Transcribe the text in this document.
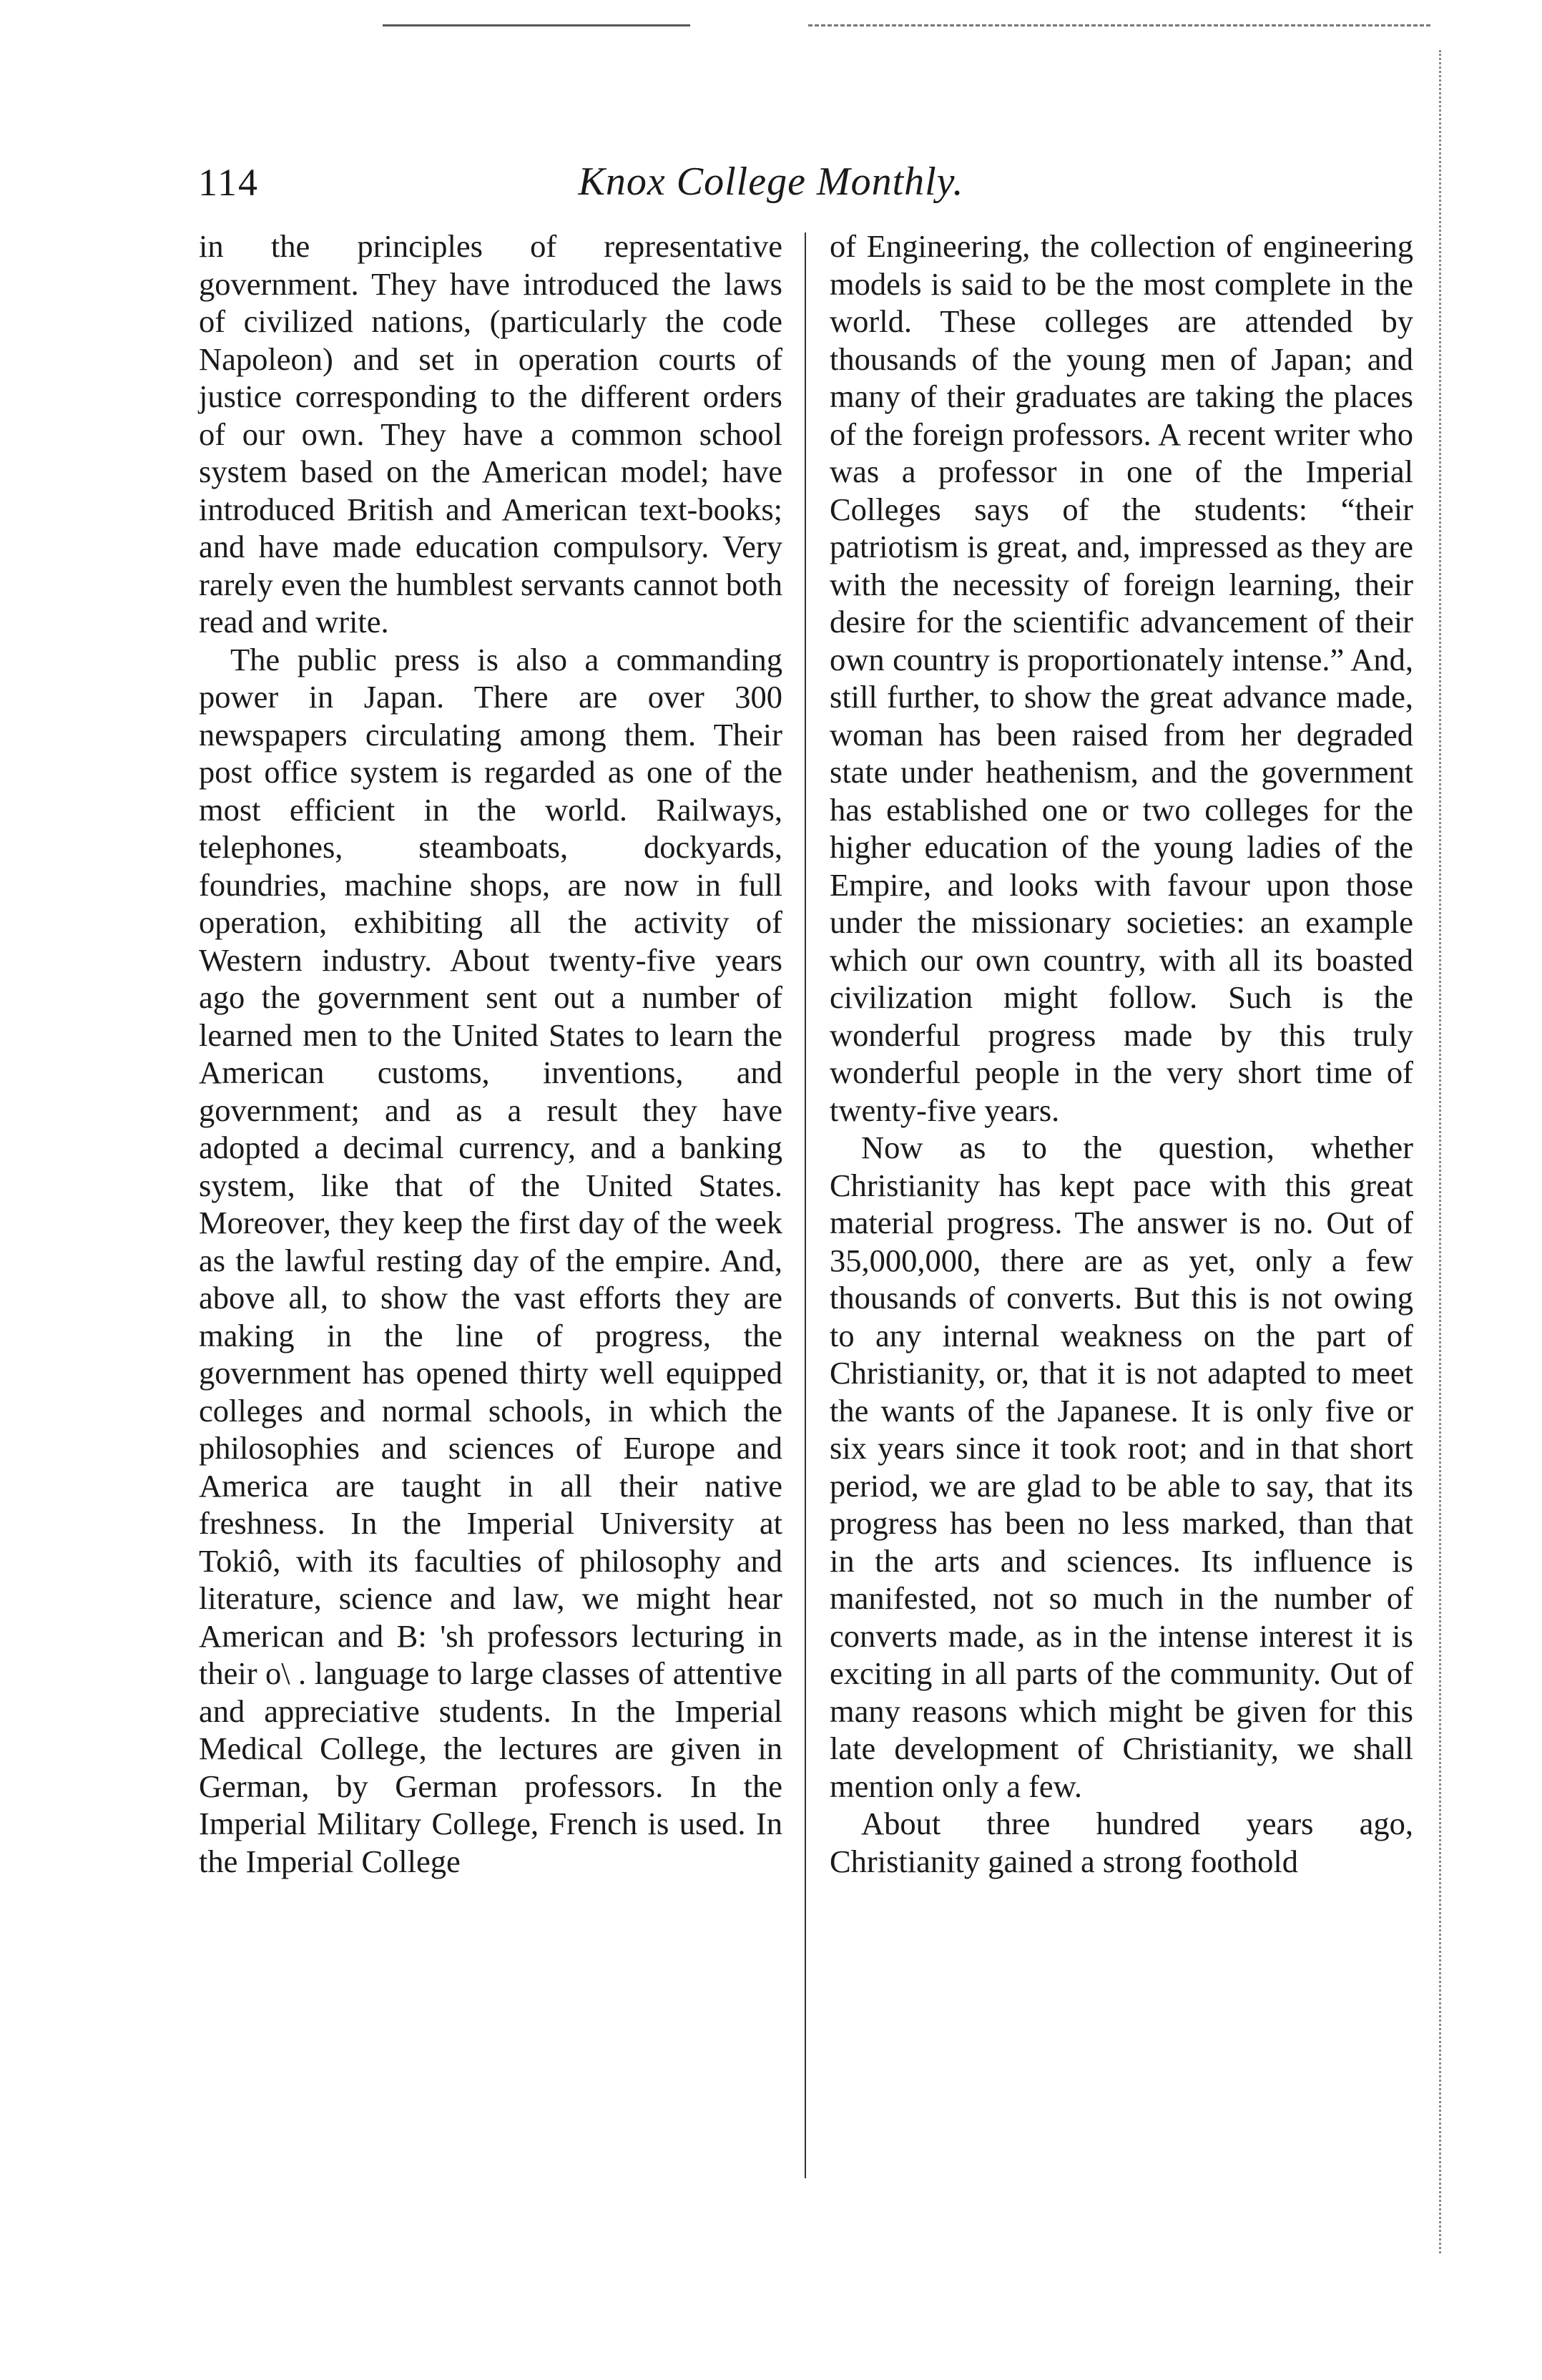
114	Knox College Monthly.

in the principles of representative government. They have introduced the laws of civilized nations, (particularly the code Napoleon) and set in operation courts of justice corresponding to the different orders of our own. They have a common school system based on the American model; have introduced British and American text-books; and have made education compulsory. Very rarely even the humblest servants cannot both read and write.

The public press is also a commanding power in Japan. There are over 300 newspapers circulating among them. Their post office system is regarded as one of the most efficient in the world. Railways, telephones, steamboats, dockyards, foundries, machine shops, are now in full operation, exhibiting all the activity of Western industry. About twenty-five years ago the government sent out a number of learned men to the United States to learn the American customs, inventions, and government; and as a result they have adopted a decimal currency, and a banking system, like that of the United States. Moreover, they keep the first day of the week as the lawful resting day of the empire. And, above all, to show the vast efforts they are making in the line of progress, the government has opened thirty well equipped colleges and normal schools, in which the philosophies and sciences of Europe and America are taught in all their native freshness. In the Imperial University at Tokiô, with its faculties of philosophy and literature, science and law, we might hear American and B: 'sh professors lecturing in their o\ . language to large classes of attentive and appreciative students. In the Imperial Medical College, the lectures are given in German, by German professors. In the Imperial Military College, French is used. In the Imperial College

of Engineering, the collection of engineering models is said to be the most complete in the world. These colleges are attended by thousands of the young men of Japan; and many of their graduates are taking the places of the foreign professors. A recent writer who was a professor in one of the Imperial Colleges says of the students: “their patriotism is great, and, impressed as they are with the necessity of foreign learning, their desire for the scientific advancement of their own country is proportionately intense.” And, still further, to show the great advance made, woman has been raised from her degraded state under heathenism, and the government has established one or two colleges for the higher education of the young ladies of the Empire, and looks with favour upon those under the missionary societies: an example which our own country, with all its boasted civilization might follow. Such is the wonderful progress made by this truly wonderful people in the very short time of twenty-five years.

Now as to the question, whether Christianity has kept pace with this great material progress. The answer is no. Out of 35,000,000, there are as yet, only a few thousands of converts. But this is not owing to any internal weakness on the part of Christianity, or, that it is not adapted to meet the wants of the Japanese. It is only five or six years since it took root; and in that short period, we are glad to be able to say, that its progress has been no less marked, than that in the arts and sciences. Its influence is manifested, not so much in the number of converts made, as in the intense interest it is exciting in all parts of the community. Out of many reasons which might be given for this late development of Christianity, we shall mention only a few.

About three hundred years ago, Christianity gained a strong foothold
